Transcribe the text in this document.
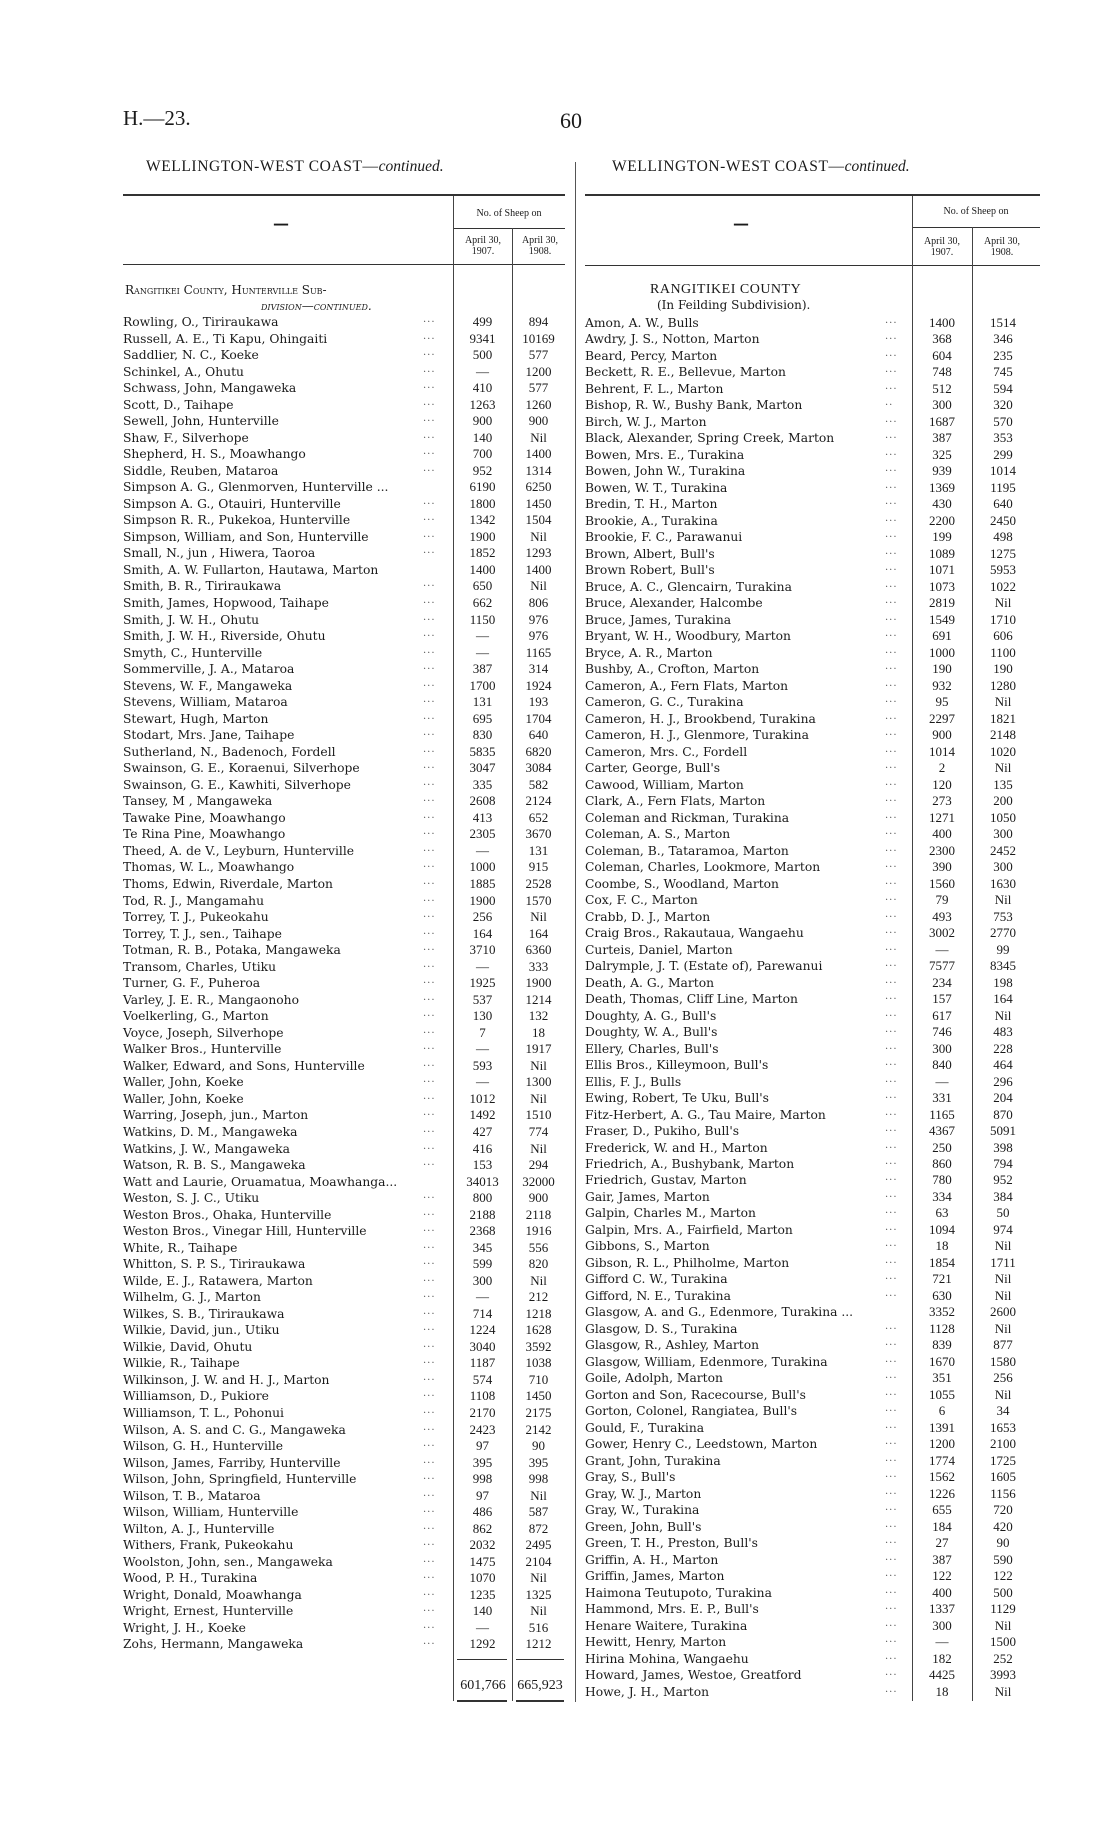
H.—23.	60
WELLINGTON-WEST COAST—continued.	WELLINGTON-WEST COAST—continued.
—
No. of Sheep on
April 30, 1907.
April 30, 1908.
Rangitikei County, Hunterville Sub-
division—continued.
Rowling, O., Tiriraukawa	...	499	894
Russell, A. E., Ti Kapu, Ohingaiti	...	9341	10169
Saddlier, N. C., Koeke	...	500	577
Schinkel, A., Ohutu	...	—	1200
Schwass, John, Mangaweka	...	410	577
Scott, D., Taihape	...	1263	1260
Sewell, John, Hunterville	...	900	900
Shaw, F., Silverhope	...	140	Nil
Shepherd, H. S., Moawhango	...	700	1400
Siddle, Reuben, Mataroa	...	952	1314
Simpson A. G., Glenmorven, Hunterville ...	6190	6250
Simpson A. G., Otauiri, Hunterville	...	1800	1450
Simpson R. R., Pukekoa, Hunterville	...	1342	1504
Simpson, William, and Son, Hunterville	...	1900	Nil
Small, N., jun , Hiwera, Taoroa	...	1852	1293
Smith, A. W. Fullarton, Hautawa, Marton	1400	1400
Smith, B. R., Tiriraukawa	...	650	Nil
Smith, James, Hopwood, Taihape	...	662	806
Smith, J. W. H., Ohutu	...	1150	976
Smith, J. W. H., Riverside, Ohutu	...	—	976
Smyth, C., Hunterville	...	—	1165
Sommerville, J. A., Mataroa	...	387	314
Stevens, W. F., Mangaweka	...	1700	1924
Stevens, William, Mataroa	...	131	193
Stewart, Hugh, Marton	...	695	1704
Stodart, Mrs. Jane, Taihape	...	830	640
Sutherland, N., Badenoch, Fordell	...	5835	6820
Swainson, G. E., Koraenui, Silverhope	...	3047	3084
Swainson, G. E., Kawhiti, Silverhope	...	335	582
Tansey, M , Mangaweka	...	2608	2124
Tawake Pine, Moawhango	...	413	652
Te Rina Pine, Moawhango	...	2305	3670
Theed, A. de V., Leyburn, Hunterville	...	—	131
Thomas, W. L., Moawhango	...	1000	915
Thoms, Edwin, Riverdale, Marton	...	1885	2528
Tod, R. J., Mangamahu	...	1900	1570
Torrey, T. J., Pukeokahu	...	256	Nil
Torrey, T. J., sen., Taihape	...	164	164
Totman, R. B., Potaka, Mangaweka	...	3710	6360
Transom, Charles, Utiku	...	—	333
Turner, G. F., Puheroa	...	1925	1900
Varley, J. E. R., Mangaonoho	...	537	1214
Voelkerling, G., Marton	...	130	132
Voyce, Joseph, Silverhope	...	7	18
Walker Bros., Hunterville	...	—	1917
Walker, Edward, and Sons, Hunterville	...	593	Nil
Waller, John, Koeke	...	—	1300
Waller, John, Koeke	...	1012	Nil
Warring, Joseph, jun., Marton	...	1492	1510
Watkins, D. M., Mangaweka	...	427	774
Watkins, J. W., Mangaweka	...	416	Nil
Watson, R. B. S., Mangaweka	...	153	294
Watt and Laurie, Oruamatua, Moawhanga...	34013	32000
Weston, S. J. C., Utiku	...	800	900
Weston Bros., Ohaka, Hunterville	...	2188	2118
Weston Bros., Vinegar Hill, Hunterville	...	2368	1916
White, R., Taihape	...	345	556
Whitton, S. P. S., Tiriraukawa	...	599	820
Wilde, E. J., Ratawera, Marton	...	300	Nil
Wilhelm, G. J., Marton	...	—	212
Wilkes, S. B., Tiriraukawa	...	714	1218
Wilkie, David, jun., Utiku	...	1224	1628
Wilkie, David, Ohutu	...	3040	3592
Wilkie, R., Taihape	...	1187	1038
Wilkinson, J. W. and H. J., Marton	...	574	710
Williamson, D., Pukiore	...	1108	1450
Williamson, T. L., Pohonui	...	2170	2175
Wilson, A. S. and C. G., Mangaweka	...	2423	2142
Wilson, G. H., Hunterville	...	97	90
Wilson, James, Farriby, Hunterville	...	395	395
Wilson, John, Springfield, Hunterville	...	998	998
Wilson, T. B., Mataroa	...	97	Nil
Wilson, William, Hunterville	...	486	587
Wilton, A. J., Hunterville	...	862	872
Withers, Frank, Pukeokahu	...	2032	2495
Woolston, John, sen., Mangaweka	...	1475	2104
Wood, P. H., Turakina	...	1070	Nil
Wright, Donald, Moawhanga	...	1235	1325
Wright, Ernest, Hunterville	...	140	Nil
Wright, J. H., Koeke	...	—	516
Zohs, Hermann, Mangaweka	...	1292	1212
601,766 665,923
—
No. of Sheep on
April 30, 1907.
April 30, 1908.
RANGITIKEI COUNTY
(In Feilding Subdivision).
Amon, A. W., Bulls	...	1400	1514
Awdry, J. S., Notton, Marton	...	368	346
Beard, Percy, Marton	...	604	235
Beckett, R. E., Bellevue, Marton	...	748	745
Behrent, F. L., Marton	...	512	594
Bishop, R. W., Bushy Bank, Marton	..	300	320
Birch, W. J., Marton	...	1687	570
Black, Alexander, Spring Creek, Marton	...	387	353
Bowen, Mrs. E., Turakina	...	325	299
Bowen, John W., Turakina	...	939	1014
Bowen, W. T., Turakina	...	1369	1195
Bredin, T. H., Marton	...	430	640
Brookie, A., Turakina	...	2200	2450
Brookie, F. C., Parawanui	...	199	498
Brown, Albert, Bull's	...	1089	1275
Brown Robert, Bull's	...	1071	5953
Bruce, A. C., Glencairn, Turakina	...	1073	1022
Bruce, Alexander, Halcombe	...	2819	Nil
Bruce, James, Turakina	...	1549	1710
Bryant, W. H., Woodbury, Marton	...	691	606
Bryce, A. R., Marton	...	1000	1100
Bushby, A., Crofton, Marton	...	190	190
Cameron, A., Fern Flats, Marton	...	932	1280
Cameron, G. C., Turakina	...	95	Nil
Cameron, H. J., Brookbend, Turakina	...	2297	1821
Cameron, H. J., Glenmore, Turakina	...	900	2148
Cameron, Mrs. C., Fordell	...	1014	1020
Carter, George, Bull's	...	2	Nil
Cawood, William, Marton	...	120	135
Clark, A., Fern Flats, Marton	...	273	200
Coleman and Rickman, Turakina	...	1271	1050
Coleman, A. S., Marton	...	400	300
Coleman, B., Tataramoa, Marton	...	2300	2452
Coleman, Charles, Lookmore, Marton	...	390	300
Coombe, S., Woodland, Marton	...	1560	1630
Cox, F. C., Marton	...	79	Nil
Crabb, D. J., Marton	...	493	753
Craig Bros., Rakautaua, Wangaehu	...	3002	2770
Curteis, Daniel, Marton	...	—	99
Dalrymple, J. T. (Estate of), Parewanui	...	7577	8345
Death, A. G., Marton	...	234	198
Death, Thomas, Cliff Line, Marton	...	157	164
Doughty, A. G., Bull's	...	617	Nil
Doughty, W. A., Bull's	...	746	483
Ellery, Charles, Bull's	...	300	228
Ellis Bros., Killeymoon, Bull's	...	840	464
Ellis, F. J., Bulls	...	—	296
Ewing, Robert, Te Uku, Bull's	...	331	204
Fitz-Herbert, A. G., Tau Maire, Marton	...	1165	870
Fraser, D., Pukiho, Bull's	...	4367	5091
Frederick, W. and H., Marton	...	250	398
Friedrich, A., Bushybank, Marton	...	860	794
Friedrich, Gustav, Marton	...	780	952
Gair, James, Marton	...	334	384
Galpin, Charles M., Marton	...	63	50
Galpin, Mrs. A., Fairfield, Marton	...	1094	974
Gibbons, S., Marton	...	18	Nil
Gibson, R. L., Philholme, Marton	...	1854	1711
Gifford C. W., Turakina	...	721	Nil
Gifford, N. E., Turakina	...	630	Nil
Glasgow, A. and G., Edenmore, Turakina ...	3352	2600
Glasgow, D. S., Turakina	...	1128	Nil
Glasgow, R., Ashley, Marton	...	839	877
Glasgow, William, Edenmore, Turakina	...	1670	1580
Goile, Adolph, Marton	...	351	256
Gorton and Son, Racecourse, Bull's	...	1055	Nil
Gorton, Colonel, Rangiatea, Bull's	...	6	34
Gould, F., Turakina	...	1391	1653
Gower, Henry C., Leedstown, Marton	...	1200	2100
Grant, John, Turakina	...	1774	1725
Gray, S., Bull's	...	1562	1605
Gray, W. J., Marton	...	1226	1156
Gray, W., Turakina	...	655	720
Green, John, Bull's	...	184	420
Green, T. H., Preston, Bull's	...	27	90
Griffin, A. H., Marton	...	387	590
Griffin, James, Marton	...	122	122
Haimona Teutupoto, Turakina	...	400	500
Hammond, Mrs. E. P., Bull's	...	1337	1129
Henare Waitere, Turakina	...	300	Nil
Hewitt, Henry, Marton	...	—	1500
Hirina Mohina, Wangaehu	...	182	252
Howard, James, Westoe, Greatford	...	4425	3993
Howe, J. H., Marton	...	18	Nil
